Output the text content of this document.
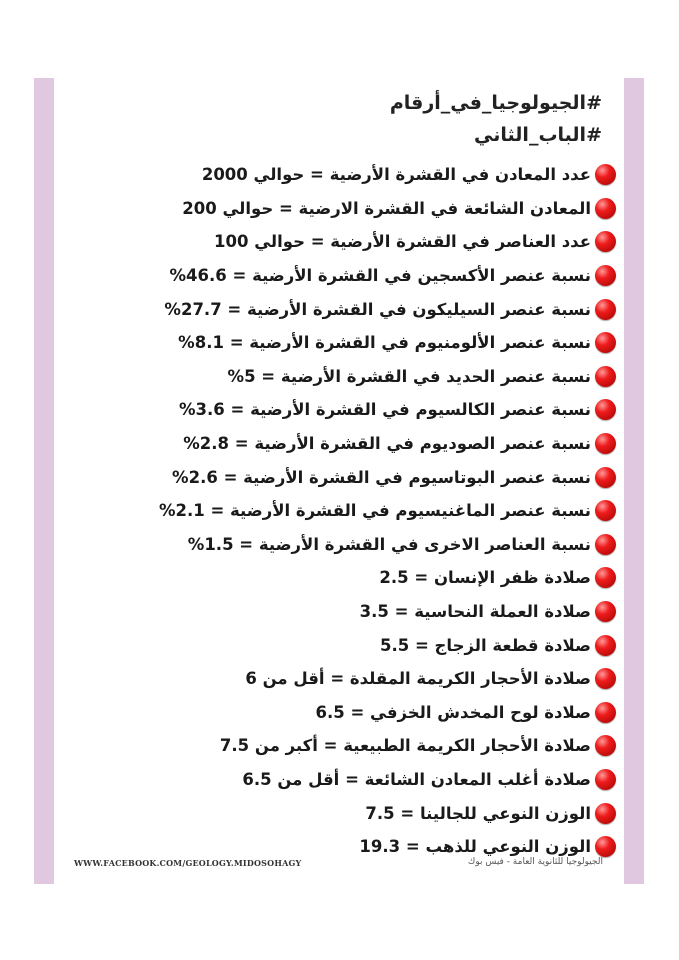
#الجيولوجيا_في_أرقام
#الباب_الثاني
عدد المعادن في القشرة الأرضية = حوالي 2000
المعادن الشائعة في القشرة الارضية = حوالي 200
عدد العناصر في القشرة الأرضية = حوالي 100
نسبة عنصر الأكسجين في القشرة الأرضية = 46.6%
نسبة عنصر السيليكون في القشرة الأرضية = 27.7%
نسبة عنصر الألومنيوم في القشرة الأرضية = 8.1%
نسبة عنصر الحديد في القشرة الأرضية = 5%
نسبة عنصر الكالسيوم في القشرة الأرضية = 3.6%
نسبة عنصر الصوديوم في القشرة الأرضية = 2.8%
نسبة عنصر البوتاسيوم في القشرة الأرضية = 2.6%
نسبة عنصر الماغنيسيوم في القشرة الأرضية = 2.1%
نسبة العناصر الاخرى في القشرة الأرضية = 1.5%
صلادة ظفر الإنسان = 2.5
صلادة العملة النحاسية = 3.5
صلادة قطعة الزجاج = 5.5
صلادة الأحجار الكريمة المقلدة = أقل من 6
صلادة لوح المخدش الخزفي = 6.5
صلادة الأحجار الكريمة الطبيعية = أكبر من 7.5
صلادة أغلب المعادن الشائعة = أقل من 6.5
الوزن النوعي للجالينا = 7.5
الوزن النوعي للذهب = 19.3
WWW.FACEBOOK.COM/GEOLOGY.MIDOSOHAGY	الجيولوجيا للثانوية العامة - فيس بوك
